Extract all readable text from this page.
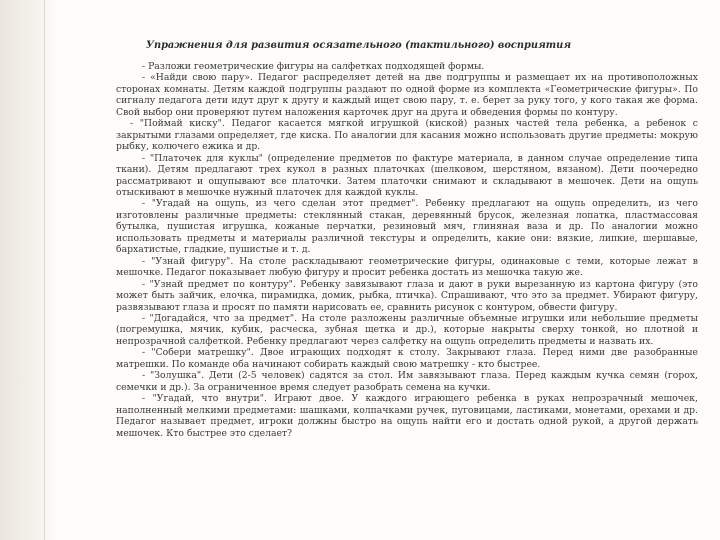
Упражнения для развития осязательного (тактильного) восприятия

- Разложи геометрические фигуры на салфетках подходящей формы.

- «Найди свою пару». Педагог распределяет детей на две подгруппы и размещает их на противоположных сторонах комнаты. Детям каждой подгруппы раздают по одной форме из комплекта «Геометрические фигуры». По сигналу педагога дети идут друг к другу и каждый ищет свою пару, т. е. берет за руку того, у кого такая же форма. Свой выбор они проверяют путем наложения карточек друг на друга и обведения формы по контуру.

- "Поймай киску". Педагог касается мягкой игрушкой (киской) разных частей тела ребенка, а ребенок с закрытыми глазами определяет, где киска. По аналогии для касания можно использовать другие предметы: мокрую рыбку, колючего ежика и др.

- "Платочек для куклы" (определение предметов по фактуре материала, в данном случае определение типа ткани). Детям предлагают трех кукол в разных платочках (шелковом, шерстяном, вязаном). Дети поочередно рассматривают и ощупывают все платочки. Затем платочки снимают и складывают в мешочек. Дети на ощупь отыскивают в мешочке нужный платочек для каждой куклы.

- "Угадай на ощупь, из чего сделан этот предмет". Ребенку предлагают на ощупь определить, из чего изготовлены различные предметы: стеклянный стакан, деревянный брусок, железная лопатка, пластмассовая бутылка, пушистая игрушка, кожаные перчатки, резиновый мяч, глиняная ваза и др. По аналогии можно использовать предметы и материалы различной текстуры и определить, какие они: вязкие, липкие, шершавые, бархатистые, гладкие, пушистые и т. д.

- "Узнай фигуру". На столе раскладывают геометрические фигуры, одинаковые с теми, которые лежат в мешочке. Педагог показывает любую фигуру и просит ребенка достать из мешочка такую же.

- "Узнай предмет по контуру". Ребенку завязывают глаза и дают в руки вырезанную из картона фигуру (это может быть зайчик, елочка, пирамидка, домик, рыбка, птичка). Спрашивают, что это за предмет. Убирают фигуру, развязывают глаза и просят по памяти нарисовать ее, сравнить рисунок с контуром, обвести фигуру.

- "Догадайся, что за предмет". На столе разложены различные объемные игрушки или небольшие предметы (погремушка, мячик, кубик, расческа, зубная щетка и др.), которые накрыты сверху тонкой, но плотной и непрозрачной салфеткой. Ребенку предлагают через салфетку на ощупь определить предметы и назвать их.

- "Собери матрешку". Двое играющих подходят к столу. Закрывают глаза. Перед ними две разобранные матрешки. По команде оба начинают собирать каждый свою матрешку - кто быстрее.

- "Золушка". Дети (2-5 человек) садятся за стол. Им завязывают глаза. Перед каждым кучка семян (горох, семечки и др.). За ограниченное время следует разобрать семена на кучки.

- "Угадай, что внутри". Играют двое. У каждого играющего ребенка в руках непрозрачный мешочек, наполненный мелкими предметами: шашками, колпачками ручек, пуговицами, ластиками, монетами, орехами и др. Педагог называет предмет, игроки должны быстро на ощупь найти его и достать одной рукой, а другой держать мешочек. Кто быстрее это сделает?
